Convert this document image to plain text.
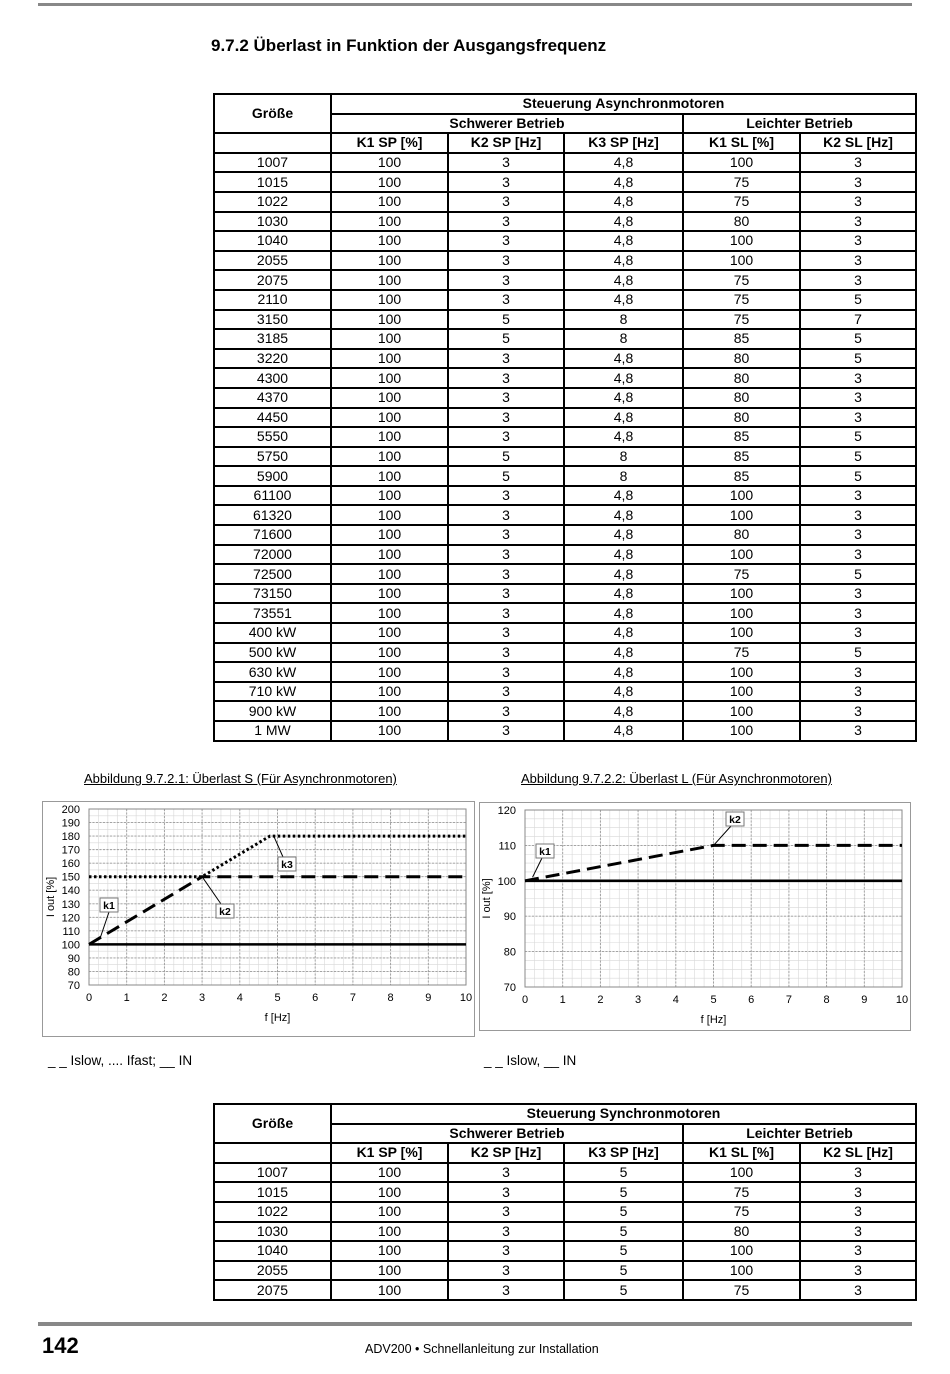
9.7.2 Überlast in Funktion der Ausgangsfrequenz
Größe	Steuerung Asynchronmotoren				
	Schwerer Betrieb			Leichter Betrieb	
	K1 SP [%]	K2 SP [Hz]	K3 SP [Hz]	K1 SL [%]	K2 SL [Hz]
1007	100	3	4,8	100	3
1015	100	3	4,8	75	3
1022	100	3	4,8	75	3
1030	100	3	4,8	80	3
1040	100	3	4,8	100	3
2055	100	3	4,8	100	3
2075	100	3	4,8	75	3
2110	100	3	4,8	75	5
3150	100	5	8	75	7
3185	100	5	8	85	5
3220	100	3	4,8	80	5
4300	100	3	4,8	80	3
4370	100	3	4,8	80	3
4450	100	3	4,8	80	3
5550	100	3	4,8	85	5
5750	100	5	8	85	5
5900	100	5	8	85	5
61100	100	3	4,8	100	3
61320	100	3	4,8	100	3
71600	100	3	4,8	80	3
72000	100	3	4,8	100	3
72500	100	3	4,8	75	5
73150	100	3	4,8	100	3
73551	100	3	4,8	100	3
400 kW	100	3	4,8	100	3
500 kW	100	3	4,8	75	5
630 kW	100	3	4,8	100	3
710 kW	100	3	4,8	100	3
900 kW	100	3	4,8	100	3
1 MW	100	3	4,8	100	3
Abbildung 9.7.2.1: Überlast S (Für Asynchronmotoren)
0	1	2	3	4	5	6	7	8	9	10
70
80
90
100
110
120
130
140
150
160
170
180
190
200
f [Hz]
I out [%]	k1	k2
k3
_ _ Islow, .... Ifast; __ IN
Abbildung 9.7.2.2: Überlast L (Für Asynchronmotoren)
0	1	2	3	4	5	6	7	8	9	10
70
80
90
100
110
120
f [Hz]
I out [%]
k1
k2
_ _ Islow, __ IN
Größe	Steuerung Synchronmotoren				
	Schwerer Betrieb			Leichter Betrieb	
	K1 SP [%]	K2 SP [Hz]	K3 SP [Hz]	K1 SL [%]	K2 SL [Hz]
1007	100	3	5	100	3
1015	100	3	5	75	3
1022	100	3	5	75	3
1030	100	3	5	80	3
1040	100	3	5	100	3
2055	100	3	5	100	3
2075	100	3	5	75	3
142	ADV200 • Schnellanleitung zur Installation
